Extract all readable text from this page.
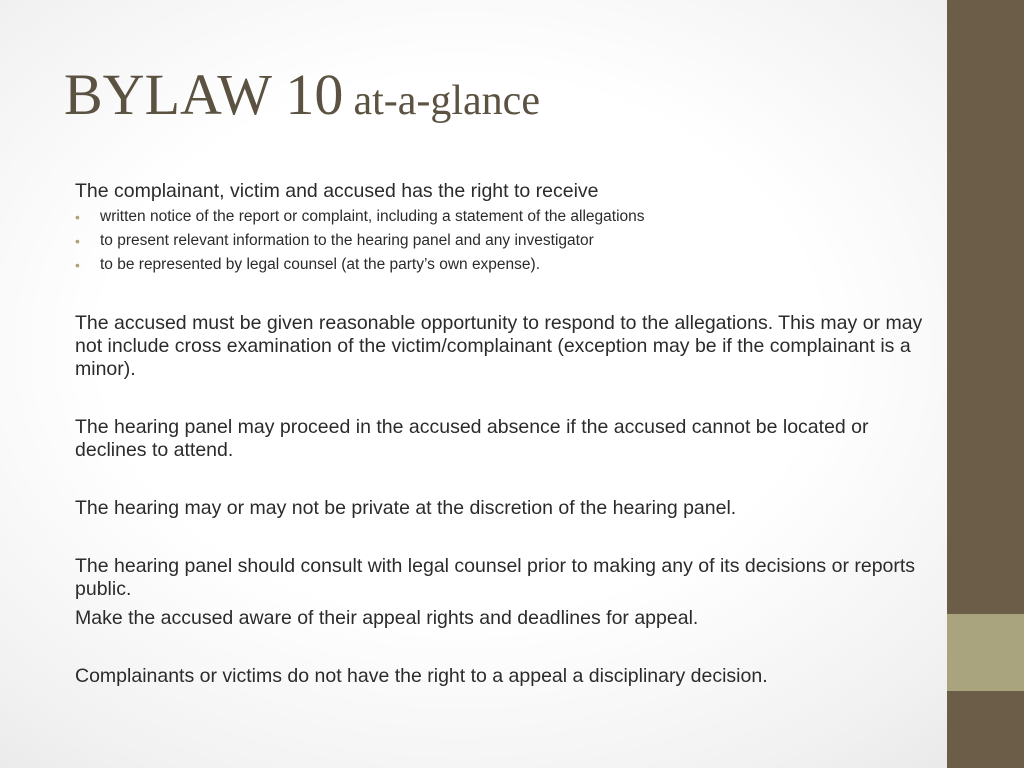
BYLAW 10 at-a-glance

The complainant, victim and accused has the right to receive

• written notice of the report or complaint, including a statement of the allegations
• to present relevant information to the hearing panel and any investigator
• to be represented by legal counsel (at the party’s own expense).

The accused must be given reasonable opportunity to respond to the allegations. This may or may not include cross examination of the victim/complainant (exception may be if the complainant is a minor).

The hearing panel may proceed in the accused absence if the accused cannot be located or declines to attend.

The hearing may or may not be private at the discretion of the hearing panel.

The hearing panel should consult with legal counsel prior to making any of its decisions or reports public.

Make the accused aware of their appeal rights and deadlines for appeal.

Complainants or victims do not have the right to a appeal a disciplinary decision.
